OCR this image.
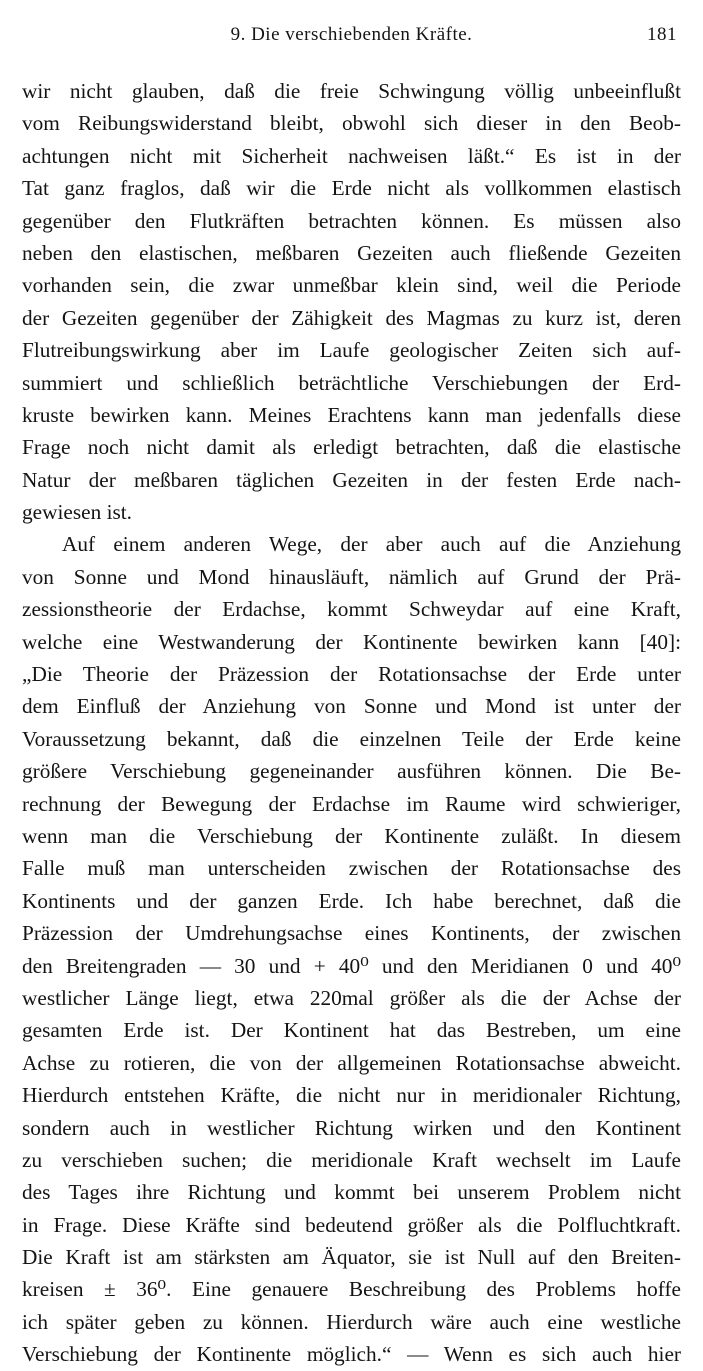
9. Die verschiebenden Kräfte.	181
wir nicht glauben, daß die freie Schwingung völlig unbeeinflußt
vom Reibungswiderstand bleibt, obwohl sich dieser in den Beob-
achtungen nicht mit Sicherheit nachweisen läßt.“ Es ist in der
Tat ganz fraglos, daß wir die Erde nicht als vollkommen elastisch
gegenüber den Flutkräften betrachten können. Es müssen also
neben den elastischen, meßbaren Gezeiten auch fließende Gezeiten
vorhanden sein, die zwar unmeßbar klein sind, weil die Periode
der Gezeiten gegenüber der Zähigkeit des Magmas zu kurz ist, deren
Flutreibungswirkung aber im Laufe geologischer Zeiten sich auf-
summiert und schließlich beträchtliche Verschiebungen der Erd-
kruste bewirken kann. Meines Erachtens kann man jedenfalls diese
Frage noch nicht damit als erledigt betrachten, daß die elastische
Natur der meßbaren täglichen Gezeiten in der festen Erde nach-
gewiesen ist.
Auf einem anderen Wege, der aber auch auf die Anziehung
von Sonne und Mond hinausläuft, nämlich auf Grund der Prä-
zessionstheorie der Erdachse, kommt Schweydar auf eine Kraft,
welche eine Westwanderung der Kontinente bewirken kann [40]:
„Die Theorie der Präzession der Rotationsachse der Erde unter
dem Einfluß der Anziehung von Sonne und Mond ist unter der
Voraussetzung bekannt, daß die einzelnen Teile der Erde keine
größere Verschiebung gegeneinander ausführen können. Die Be-
rechnung der Bewegung der Erdachse im Raume wird schwieriger,
wenn man die Verschiebung der Kontinente zuläßt. In diesem
Falle muß man unterscheiden zwischen der Rotationsachse des
Kontinents und der ganzen Erde. Ich habe berechnet, daß die
Präzession der Umdrehungsachse eines Kontinents, der zwischen
den Breitengraden — 30 und + 40⁰ und den Meridianen 0 und 40⁰
westlicher Länge liegt, etwa 220mal größer als die der Achse der
gesamten Erde ist. Der Kontinent hat das Bestreben, um eine
Achse zu rotieren, die von der allgemeinen Rotationsachse abweicht.
Hierdurch entstehen Kräfte, die nicht nur in meridionaler Richtung,
sondern auch in westlicher Richtung wirken und den Kontinent
zu verschieben suchen; die meridionale Kraft wechselt im Laufe
des Tages ihre Richtung und kommt bei unserem Problem nicht
in Frage. Diese Kräfte sind bedeutend größer als die Polfluchtkraft.
Die Kraft ist am stärksten am Äquator, sie ist Null auf den Breiten-
kreisen ± 36⁰. Eine genauere Beschreibung des Problems hoffe
ich später geben zu können. Hierdurch wäre auch eine westliche
Verschiebung der Kontinente möglich.“ — Wenn es sich auch hier
